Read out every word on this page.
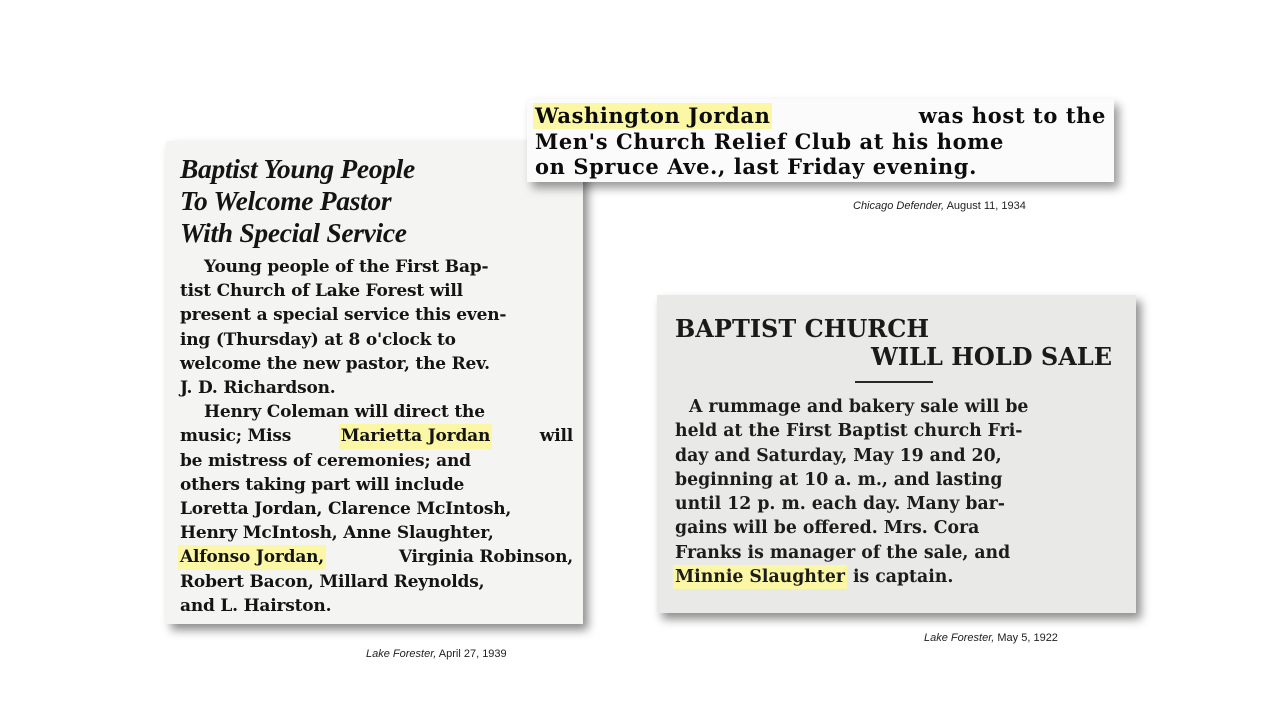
Baptist Young People
To Welcome Pastor
With Special Service
Young people of the First Bap-
tist Church of Lake Forest will
present a special service this even-
ing (Thursday) at 8 o'clock to
welcome the new pastor, the Rev.
J. D. Richardson.
Henry Coleman will direct the
music; Miss	Marietta Jordan	will
be mistress of ceremonies; and
others taking part will include
Loretta Jordan, Clarence McIntosh,
Henry McIntosh, Anne Slaughter,
Alfonso Jordan,	Virginia Robinson,
Robert Bacon, Millard Reynolds,
and L. Hairston.
Lake Forester, April 27, 1939
Washington Jordan	was host to the
Men's Church Relief Club at his home
on Spruce Ave., last Friday evening.
Chicago Defender, August 11, 1934
BAPTIST CHURCH
WILL HOLD SALE
A rummage and bakery sale will be
held at the First Baptist church Fri-
day and Saturday, May 19 and 20,
beginning at 10 a. m., and lasting
until 12 p. m. each day. Many bar-
gains will be offered. Mrs. Cora
Franks is manager of the sale, and
Minnie Slaughter is captain.
Lake Forester, May 5, 1922
